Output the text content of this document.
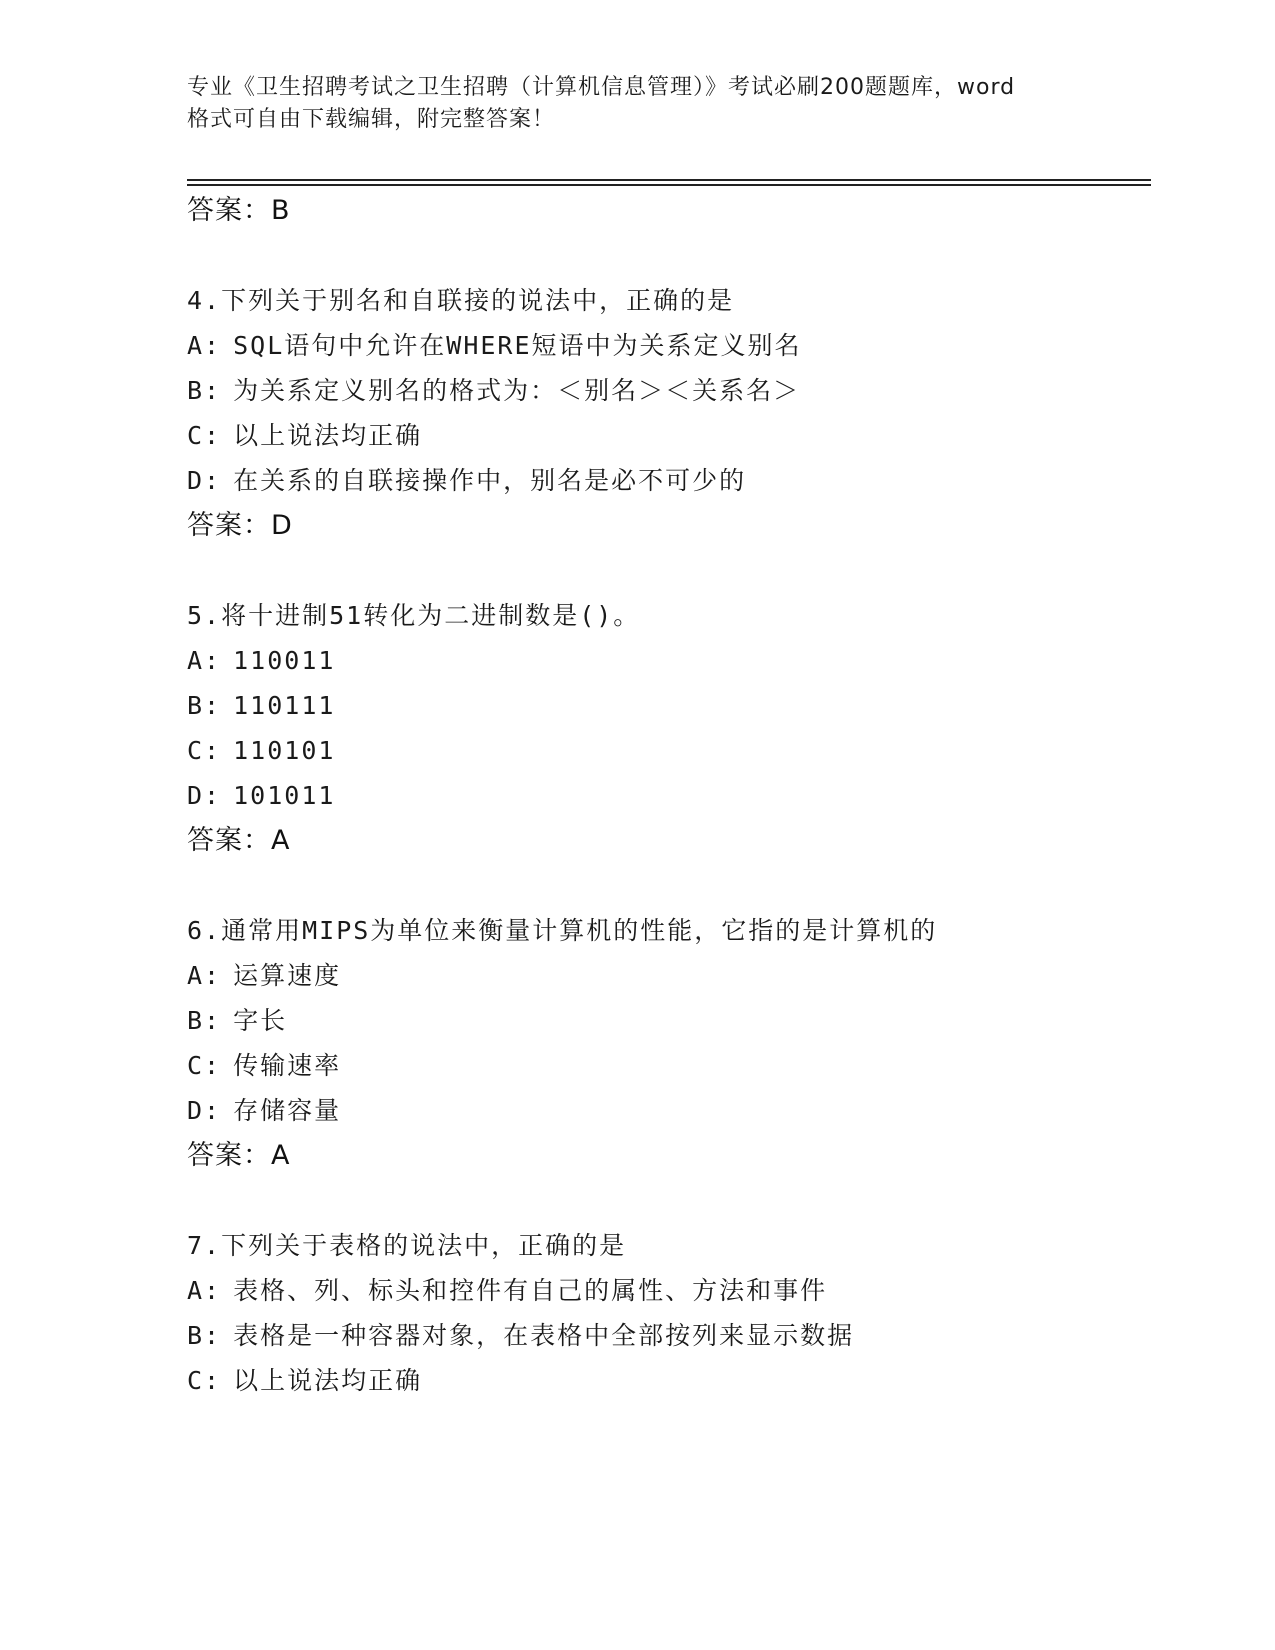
专业《卫生招聘考试之卫生招聘（计算机信息管理）》考试必刷200题题库，word
格式可自由下载编辑，附完整答案！
答案：B
4.下列关于别名和自联接的说法中，正确的是
A: SQL语句中允许在WHERE短语中为关系定义别名
B: 为关系定义别名的格式为：＜别名＞＜关系名＞
C: 以上说法均正确
D: 在关系的自联接操作中，别名是必不可少的
答案：D
5.将十进制51转化为二进制数是()。
A: 110011
B: 110111
C: 110101
D: 101011
答案：A
6.通常用MIPS为单位来衡量计算机的性能，它指的是计算机的
A: 运算速度
B: 字长
C: 传输速率
D: 存储容量
答案：A
7.下列关于表格的说法中，正确的是
A: 表格、列、标头和控件有自己的属性、方法和事件
B: 表格是一种容器对象，在表格中全部按列来显示数据
C: 以上说法均正确
